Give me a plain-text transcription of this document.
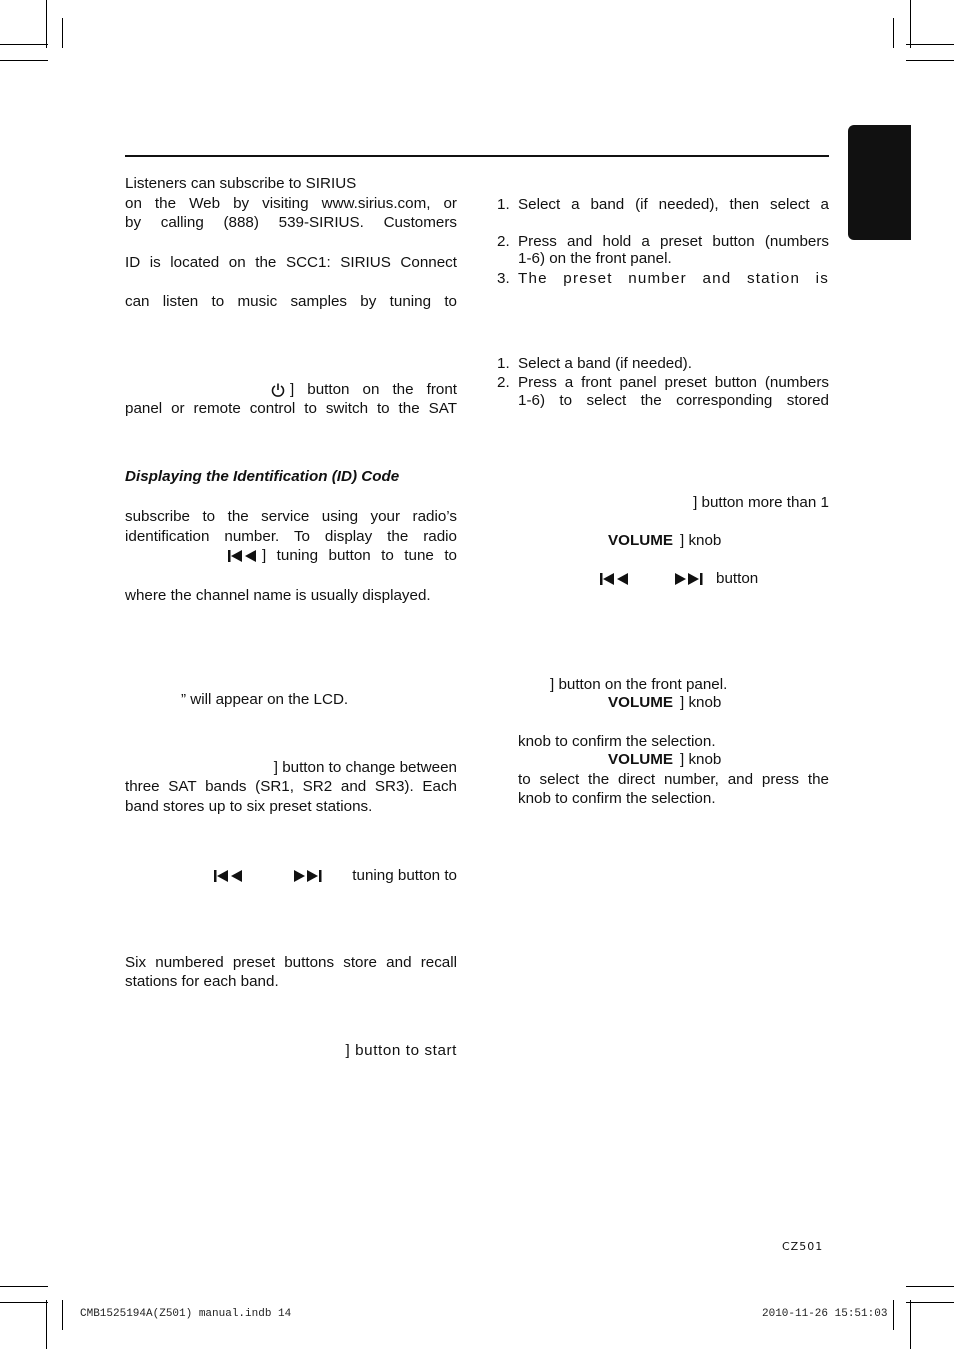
Listeners can subscribe to SIRIUS
on the Web by visiting www.sirius.com, or
by calling (888) 539-SIRIUS. Customers
ID is located on the SCC1: SIRIUS Connect
can listen to music samples by tuning to
] button on the front
panel or remote control to switch to the SAT
Displaying the Identification (ID) Code
subscribe to the service using your radio’s
identification number. To display the radio
] tuning button to tune to
where the channel name is usually displayed.
” will appear on the LCD.
] button to change between
three SAT bands (SR1, SR2 and SR3). Each
band stores up to six preset stations.
tuning button to
Six numbered preset buttons store and recall
stations for each band.
] button to start
1. Select a band (if needed), then select a
2. Press and hold a preset button (numbers
1-6) on the front panel.
3. The preset number and station is
1. Select a band (if needed).
2. Press a front panel preset button (numbers
1-6) to select the corresponding stored
] button more than 1
VOLUME ] knob
button
] button on the front panel.
VOLUME ] knob
knob to confirm the selection.
VOLUME ] knob
to select the direct number, and press the
knob to confirm the selection.
CZ501
CMB1525194A(Z501) manual.indb 14	2010-11-26 15:51:03
